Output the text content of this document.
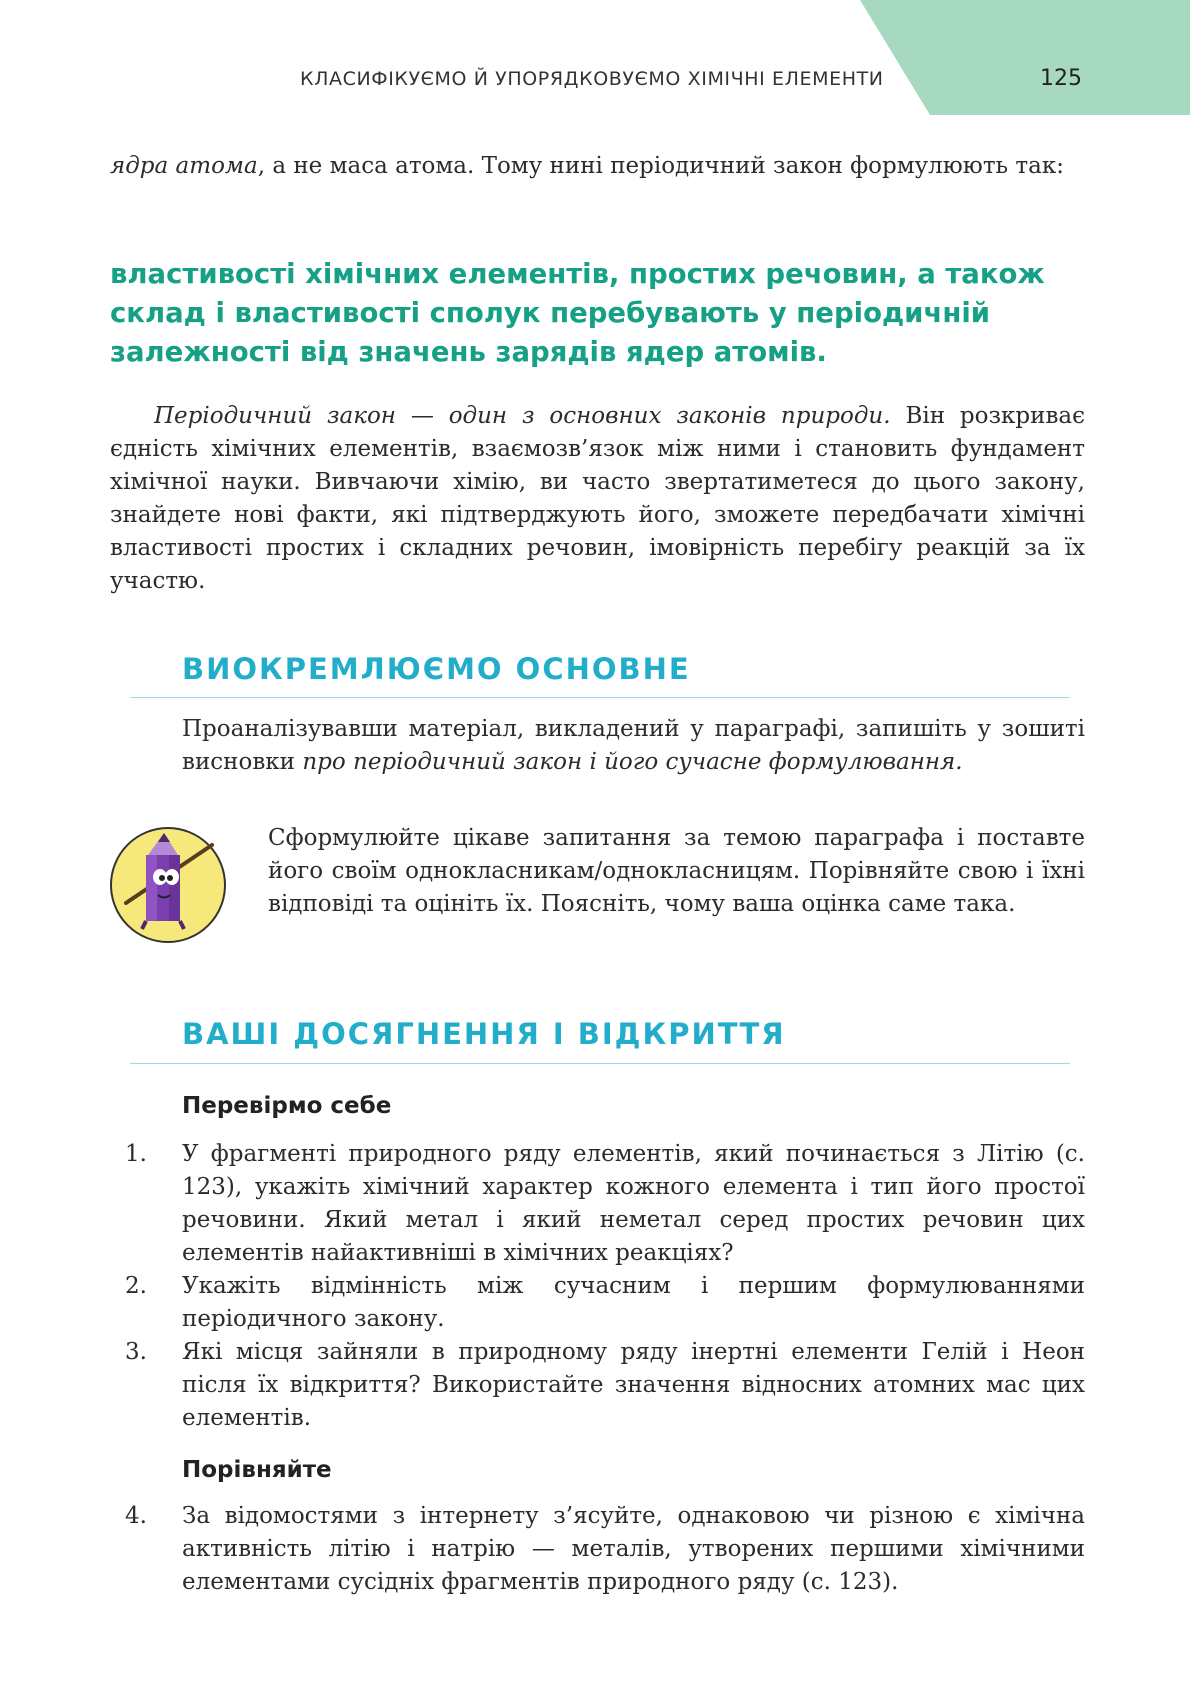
КЛАСИФІКУЄМО Й УПОРЯДКОВУЄМО ХІМІЧНІ ЕЛЕМЕНТИ	125
ядра атома, а не маса атома. Тому нині періодичний закон формулюють так:
властивості хімічних елементів, простих речовин, а також склад і властивості сполук перебувають у періодичній залежності від значень зарядів ядер атомів.
Періодичний закон — один з основних законів природи. Він розкриває єдність хімічних елементів, взаємозв’язок між ними і становить фундамент хімічної науки. Вивчаючи хімію, ви часто звертатиметеся до цього закону, знайдете нові факти, які підтверджують його, зможете передбачати хімічні властивості простих і складних речовин, імовірність перебігу реакцій за їх участю.
ВИОКРЕМЛЮЄМО ОСНОВНЕ
Проаналізувавши матеріал, викладений у параграфі, запишіть у зошиті висновки про періодичний закон і його сучасне формулювання.
Сформулюйте цікаве запитання за темою параграфа і поставте його своїм однокласникам/однокласницям. Порівняйте свою і їхні відповіді та оцініть їх. Поясніть, чому ваша оцінка саме така.
ВАШІ ДОСЯГНЕННЯ І ВІДКРИТТЯ
Перевірмо себе
1. У фрагменті природного ряду елементів, який починається з Літію (с. 123), укажіть хімічний характер кожного елемента і тип його простої речовини. Який метал і який неметал серед простих речовин цих елементів найактивніші в хімічних реакціях?
2. Укажіть відмінність між сучасним і першим формулюваннями періодичного закону.
3. Які місця зайняли в природному ряду інертні елементи Гелій і Неон після їх відкриття? Використайте значення відносних атомних мас цих елементів.
Порівняйте
4. За відомостями з інтернету з’ясуйте, однаковою чи різною є хімічна активність літію і натрію — металів, утворених першими хімічними елементами сусідніх фрагментів природного ряду (с. 123).
